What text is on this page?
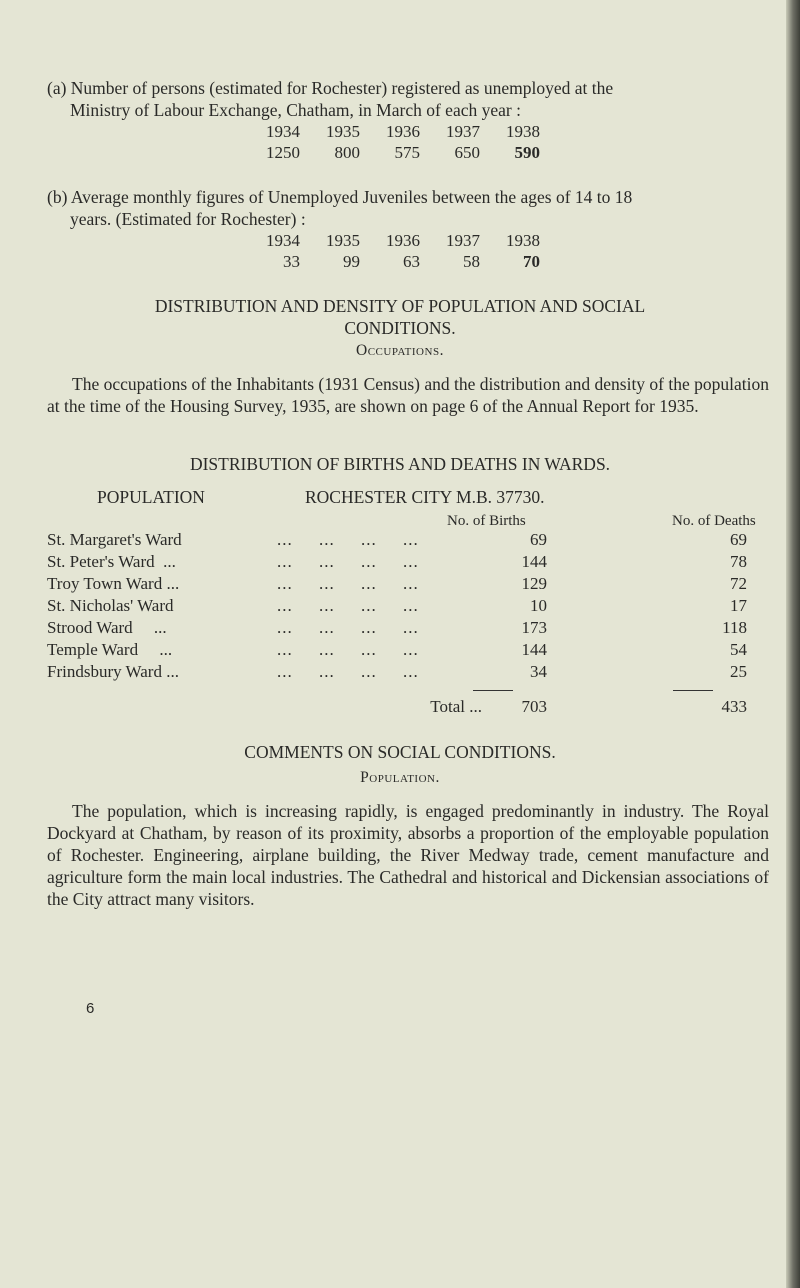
(a) Number of persons (estimated for Rochester) registered as unemployed at the
Ministry of Labour Exchange, Chatham, in March of each year :
1934 1935 1936 1937 1938
1250 800 575 650 590
(b) Average monthly figures of Unemployed Juveniles between the ages of 14 to 18
years. (Estimated for Rochester) :
1934 1935 1936 1937 1938
33	99	63	58	70
DISTRIBUTION AND DENSITY OF POPULATION AND SOCIAL
CONDITIONS.
Occupations.
The occupations of the Inhabitants (1931 Census) and the distribution and density of the population at the time of the Housing Survey, 1935, are shown on page 6 of the Annual Report for 1935.
DISTRIBUTION OF BIRTHS AND DEATHS IN WARDS.
POPULATION	ROCHESTER CITY M.B. 37730.
No. of Births	No. of Deaths
St. Margaret's Ward	...     ...     ...     ...	69	69
St. Peter's Ward  ...	...     ...     ...     ...	144	78
Troy Town Ward ...	...     ...     ...     ...	129	72
St. Nicholas' Ward	...     ...     ...     ...	10	17
Strood Ward     ...	...     ...     ...     ...	173	118
Temple Ward     ...	...     ...     ...     ...	144	54
Frindsbury Ward ...	...     ...     ...     ...	34	25
Total ...	703	433
COMMENTS ON SOCIAL CONDITIONS.
Population.
The population, which is increasing rapidly, is engaged predominantly in industry. The Royal Dockyard at Chatham, by reason of its proximity, absorbs a proportion of the employable population of Rochester. Engineering, airplane building, the River Medway trade, cement manufacture and agriculture form the main local industries. The Cathedral and historical and Dickensian associations of the City attract many visitors.
6
